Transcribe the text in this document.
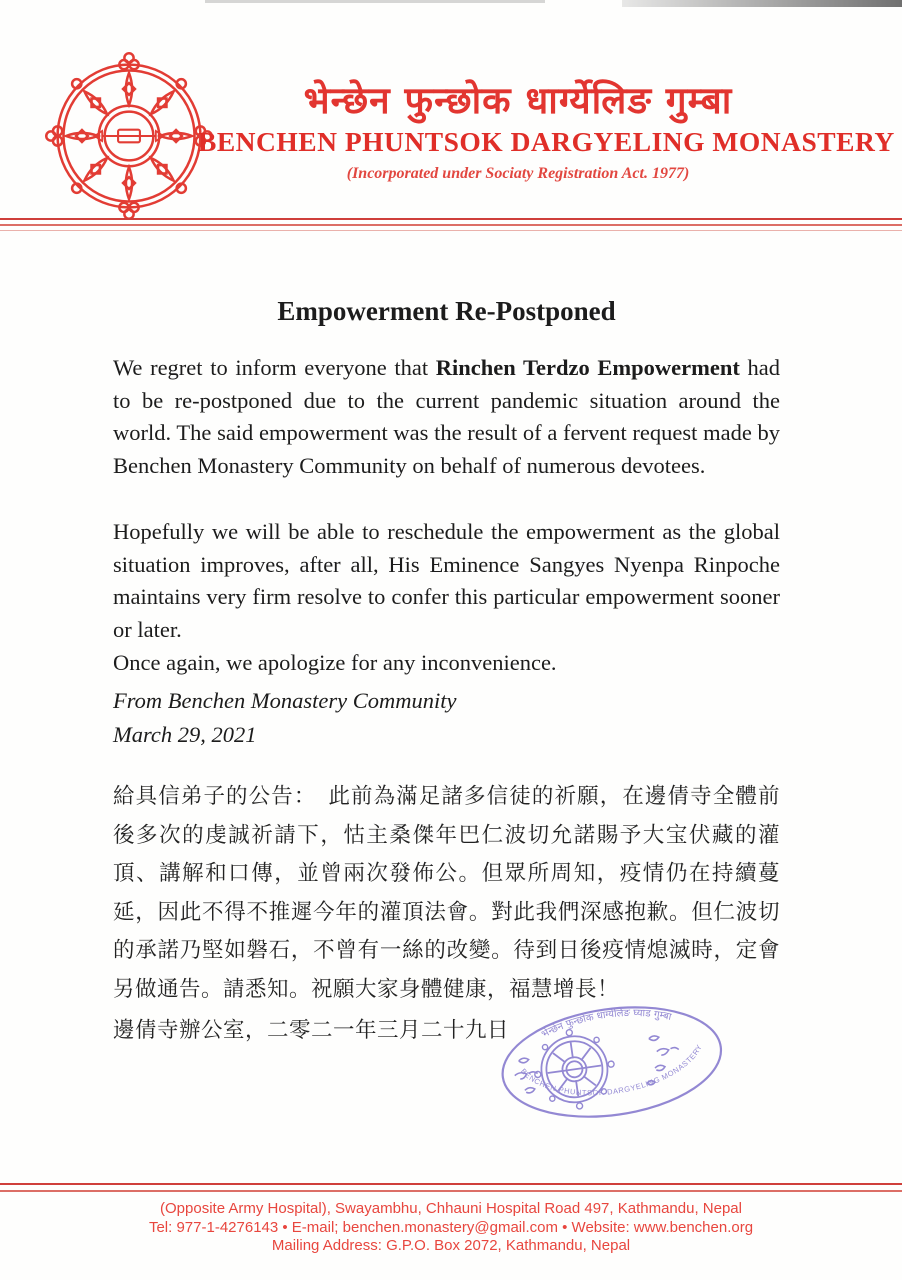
भेन्छेन फुन्छोक धार्ग्येलिङ गुम्बा
BENCHEN PHUNTSOK DARGYELING MONASTERY
(Incorporated under Sociaty Registration Act. 1977)
Empowerment Re-Postponed

We regret to inform everyone that Rinchen Terdzo Empowerment had to be re-postponed due to the current pandemic situation around the world. The said empowerment was the result of a fervent request made by Benchen Monastery Community on behalf of numerous devotees.

Hopefully we will be able to reschedule the empowerment as the global situation improves, after all, His Eminence Sangyes Nyenpa Rinpoche maintains very firm resolve to confer this particular empowerment sooner or later.

Once again, we apologize for any inconvenience.

From Benchen Monastery Community
March 29, 2021

給具信弟子的公告：　此前為滿足諸多信徒的祈願，在邊倩寺全體前後多次的虔誠祈請下，怙主桑傑年巴仁波切允諾賜予大宝伏藏的灌頂、講解和口傳，並曾兩次發佈公。但眾所周知，疫情仍在持續蔓延，因此不得不推遲今年的灌頂法會。對此我們深感抱歉。但仁波切的承諾乃堅如磐石，不曾有一絲的改變。待到日後疫情熄滅時，定會另做通告。請悉知。祝願大家身體健康，福慧增長！

邊倩寺辦公室，二零二一年三月二十九日	भेन्छेन फुन्छोक धार्ग्येलिङ घ्याड गुम्बा
BENCHEN PHUNTSOK DARGYELING MONASTERY
(Opposite Army Hospital), Swayambhu, Chhauni Hospital Road 497, Kathmandu, Nepal
Tel: 977-1-4276143 • E-mail; benchen.monastery@gmail.com • Website: www.benchen.org
Mailing Address: G.P.O. Box 2072, Kathmandu, Nepal
